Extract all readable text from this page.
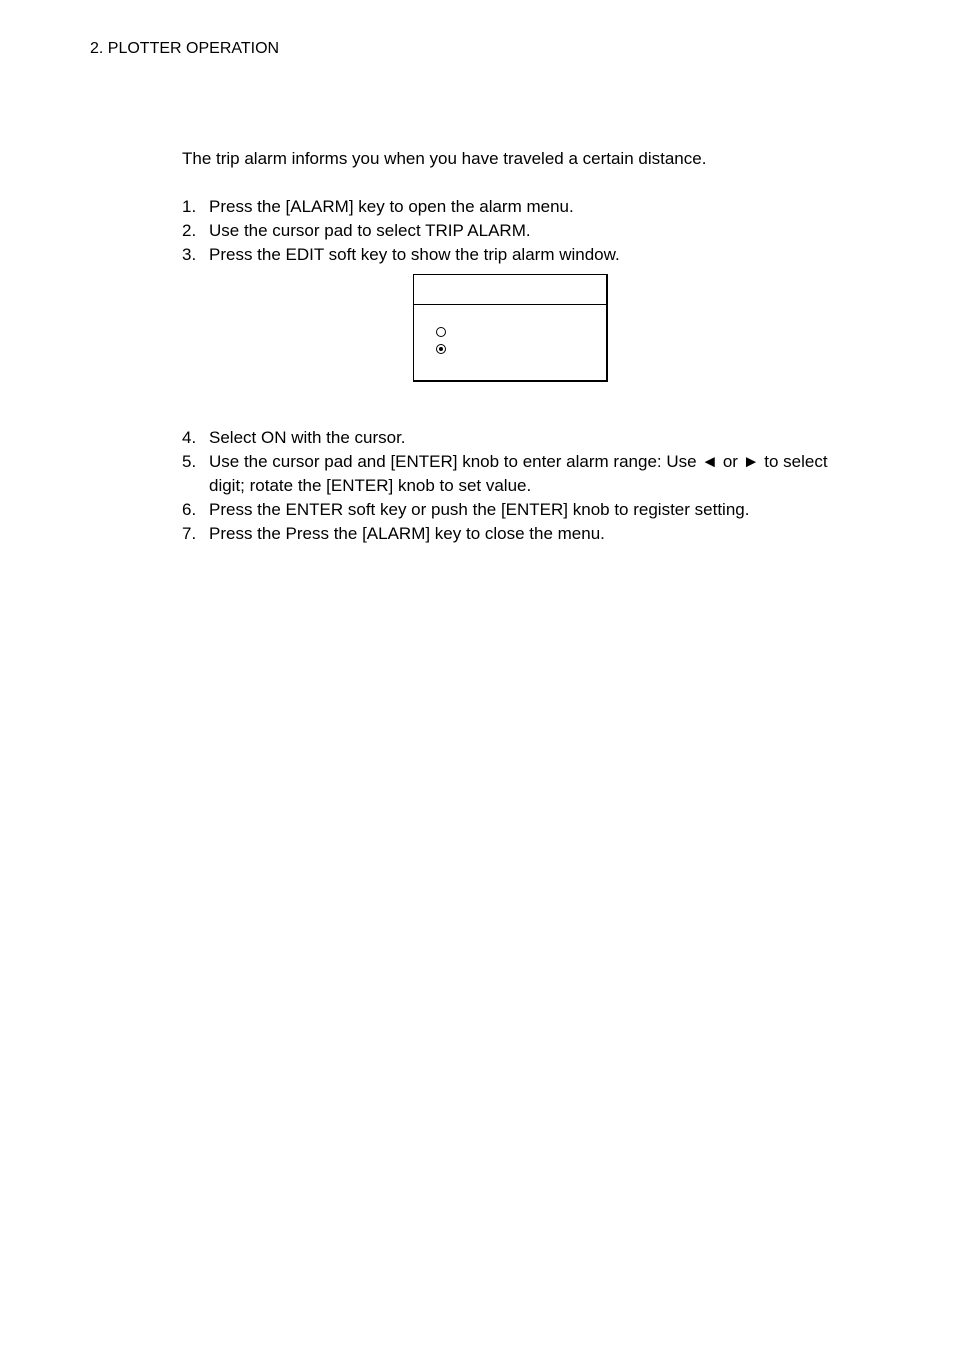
2. PLOTTER OPERATION

The trip alarm informs you when you have traveled a certain distance.

1. Press the [ALARM] key to open the alarm menu.
2. Use the cursor pad to select TRIP ALARM.
3. Press the EDIT soft key to show the trip alarm window.
4. Select ON with the cursor.
5. Use the cursor pad and [ENTER] knob to enter alarm range: Use ◄ or ► to select digit; rotate the [ENTER] knob to set value.
6. Press the ENTER soft key or push the [ENTER] knob to register setting.
7. Press the Press the [ALARM] key to close the menu.
